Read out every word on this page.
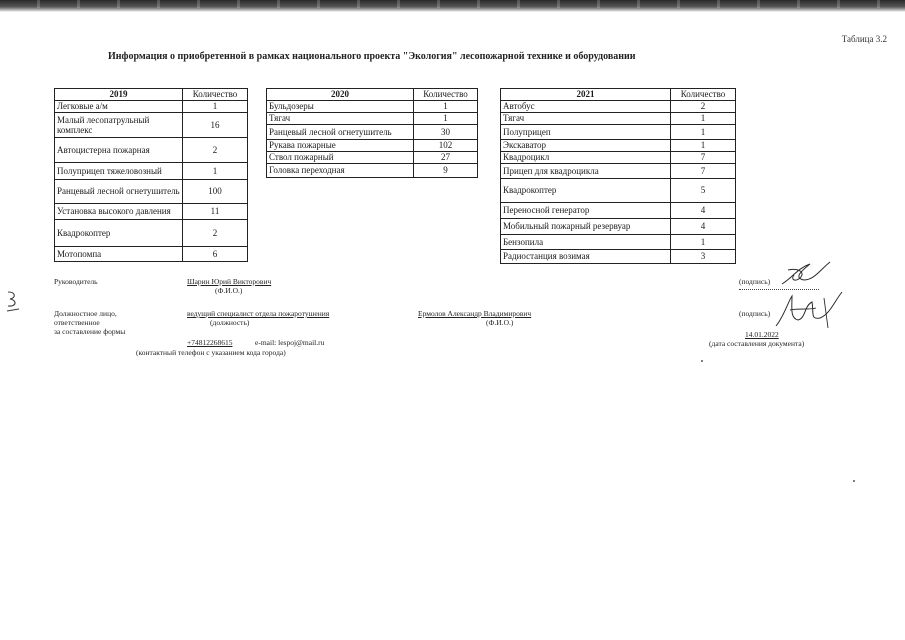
Таблица 3.2
Информация о приобретенной в рамках национального проекта "Экология" лесопожарной технике и оборудовании
2019	Количество
Легковые а/м	1
Малый лесопатрульный комплекс	16
Автоцистерна пожарная	2
Полуприцеп тяжеловозный	1
Ранцевый лесной огнетушитель	100
Установка высокого давления	11
Квадрокоптер	2
Мотопомпа	6
2020	Количество
Бульдозеры	1
Тягач	1
Ранцевый лесной огнетушитель	30
Рукава пожарные	102
Ствол пожарный	27
Головка переходная	9
2021	Количество
Автобус	2
Тягач	1
Полуприцеп	1
Экскаватор	1
Квадроцикл	7
Прицеп для квадроцикла	7
Квадрокоптер	5
Переносной генератор	4
Мобильный пожарный резервуар	4
Бензопила	1
Радиостанция возимая	3
Руководитель	Шарин Юрий Викторович
(Ф.И.О.)
(подпись)
Должностное лицо,
ответственное
за составление формы
ведущий специалист отдела пожаротушения
(должность)
Ермолов Александр Владимирович
(Ф.И.О.)
(подпись)
+74812268615	e-mail: lespoj@mail.ru
(контактный телефон с указанием кода города)
14.01.2022
(дата составления документа)
